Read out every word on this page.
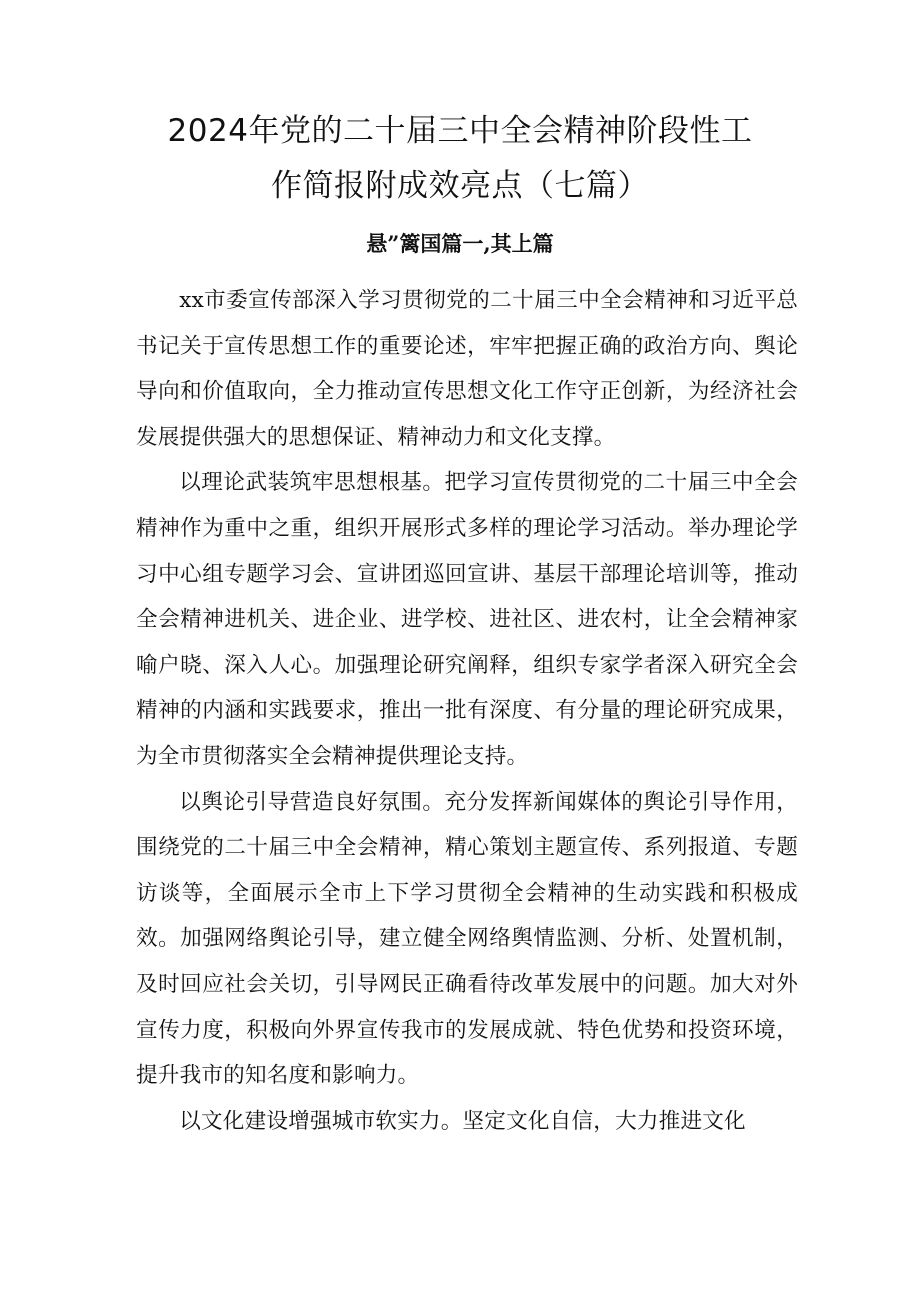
2024年党的二十届三中全会精神阶段性工
作简报附成效亮点（七篇）
悬”篱国篇一,其上篇

xx市委宣传部深入学习贯彻党的二十届三中全会精神和习近平总书记关于宣传思想工作的重要论述，牢牢把握正确的政治方向、舆论导向和价值取向，全力推动宣传思想文化工作守正创新，为经济社会发展提供强大的思想保证、精神动力和文化支撑。

以理论武装筑牢思想根基。把学习宣传贯彻党的二十届三中全会精神作为重中之重，组织开展形式多样的理论学习活动。举办理论学习中心组专题学习会、宣讲团巡回宣讲、基层干部理论培训等，推动全会精神进机关、进企业、进学校、进社区、进农村，让全会精神家喻户晓、深入人心。加强理论研究阐释，组织专家学者深入研究全会精神的内涵和实践要求，推出一批有深度、有分量的理论研究成果，为全市贯彻落实全会精神提供理论支持。

以舆论引导营造良好氛围。充分发挥新闻媒体的舆论引导作用，围绕党的二十届三中全会精神，精心策划主题宣传、系列报道、专题访谈等，全面展示全市上下学习贯彻全会精神的生动实践和积极成效。加强网络舆论引导，建立健全网络舆情监测、分析、处置机制，及时回应社会关切，引导网民正确看待改革发展中的问题。加大对外宣传力度，积极向外界宣传我市的发展成就、特色优势和投资环境，提升我市的知名度和影响力。

以文化建设增强城市软实力。坚定文化自信，大力推进文化
